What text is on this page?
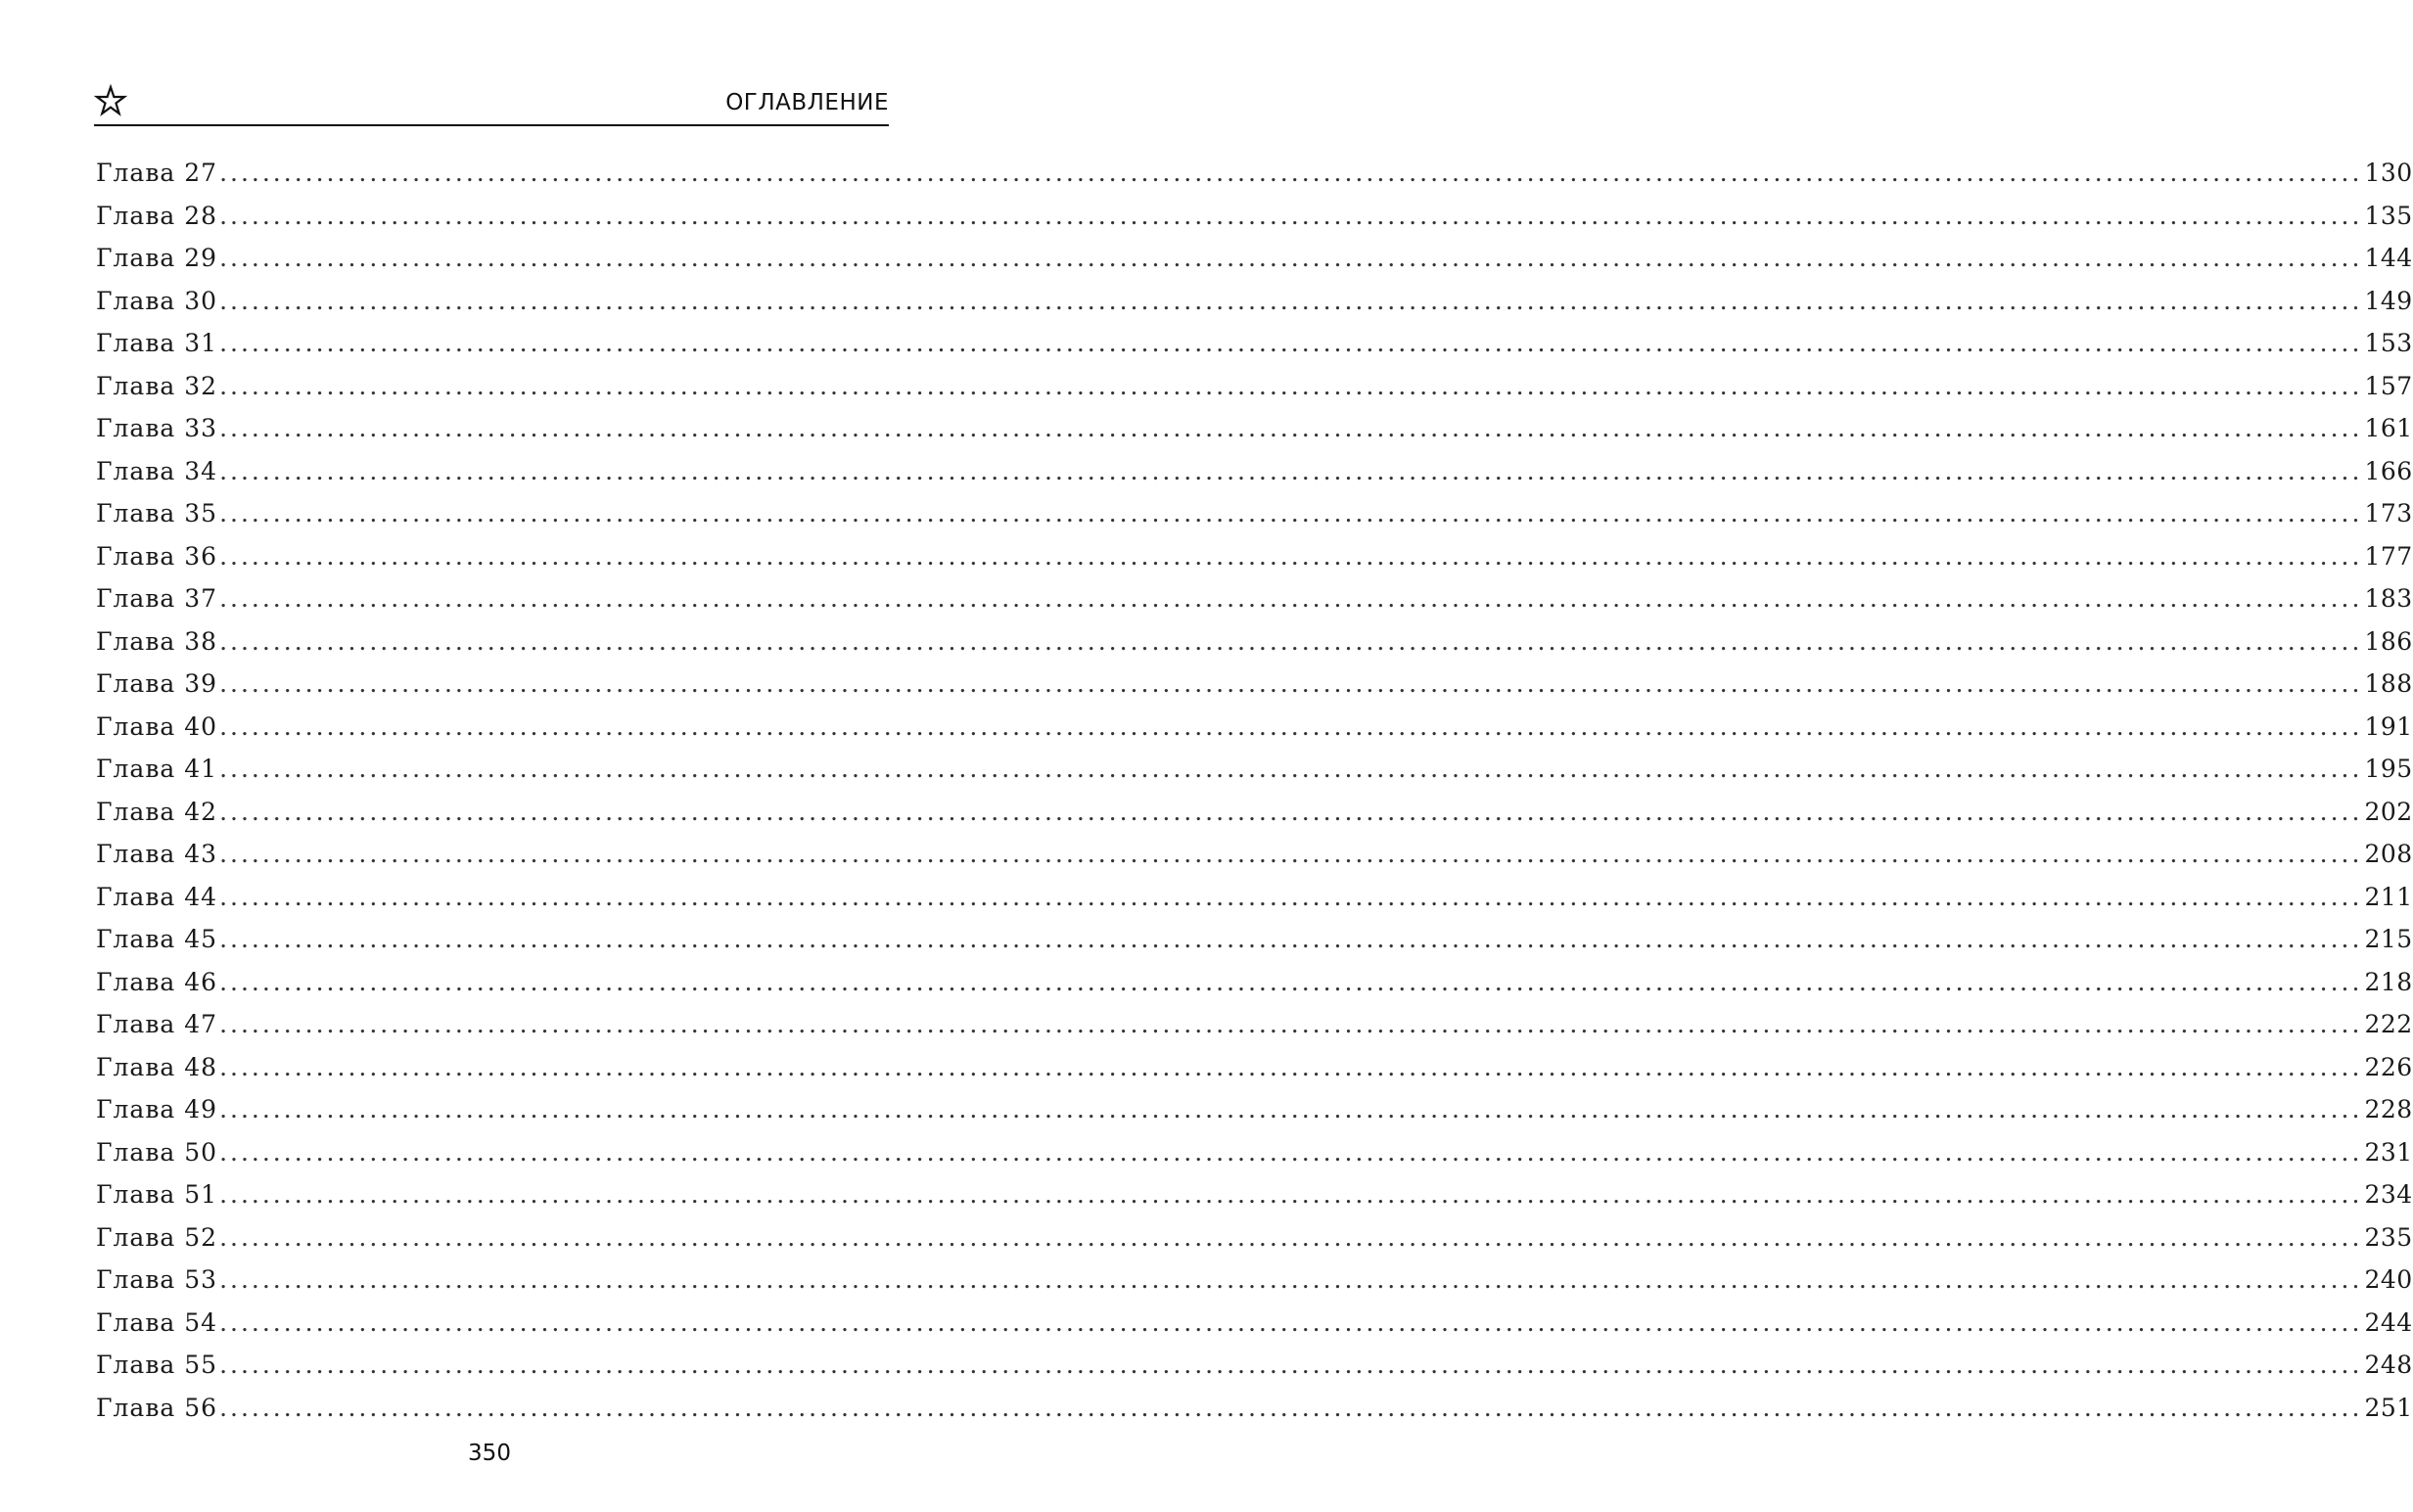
ОГЛАВЛЕНИЕ
Глава 27 ........................................................................................................................................................................................................ 130
Глава 28 ........................................................................................................................................................................................................ 135
Глава 29 ........................................................................................................................................................................................................ 144
Глава 30 ........................................................................................................................................................................................................ 149
Глава 31 ........................................................................................................................................................................................................ 153
Глава 32 ........................................................................................................................................................................................................ 157
Глава 33 ........................................................................................................................................................................................................ 161
Глава 34 ........................................................................................................................................................................................................ 166
Глава 35 ........................................................................................................................................................................................................ 173
Глава 36 ........................................................................................................................................................................................................ 177
Глава 37 ........................................................................................................................................................................................................ 183
Глава 38 ........................................................................................................................................................................................................ 186
Глава 39 ........................................................................................................................................................................................................ 188
Глава 40 ........................................................................................................................................................................................................ 191
Глава 41 ........................................................................................................................................................................................................ 195
Глава 42 ........................................................................................................................................................................................................ 202
Глава 43 ........................................................................................................................................................................................................ 208
Глава 44 ........................................................................................................................................................................................................ 211
Глава 45 ........................................................................................................................................................................................................ 215
Глава 46 ........................................................................................................................................................................................................ 218
Глава 47 ........................................................................................................................................................................................................ 222
Глава 48 ........................................................................................................................................................................................................ 226
Глава 49 ........................................................................................................................................................................................................ 228
Глава 50 ........................................................................................................................................................................................................ 231
Глава 51 ........................................................................................................................................................................................................ 234
Глава 52 ........................................................................................................................................................................................................ 235
Глава 53 ........................................................................................................................................................................................................ 240
Глава 54 ........................................................................................................................................................................................................ 244
Глава 55 ........................................................................................................................................................................................................ 248
Глава 56 ........................................................................................................................................................................................................ 251
350
